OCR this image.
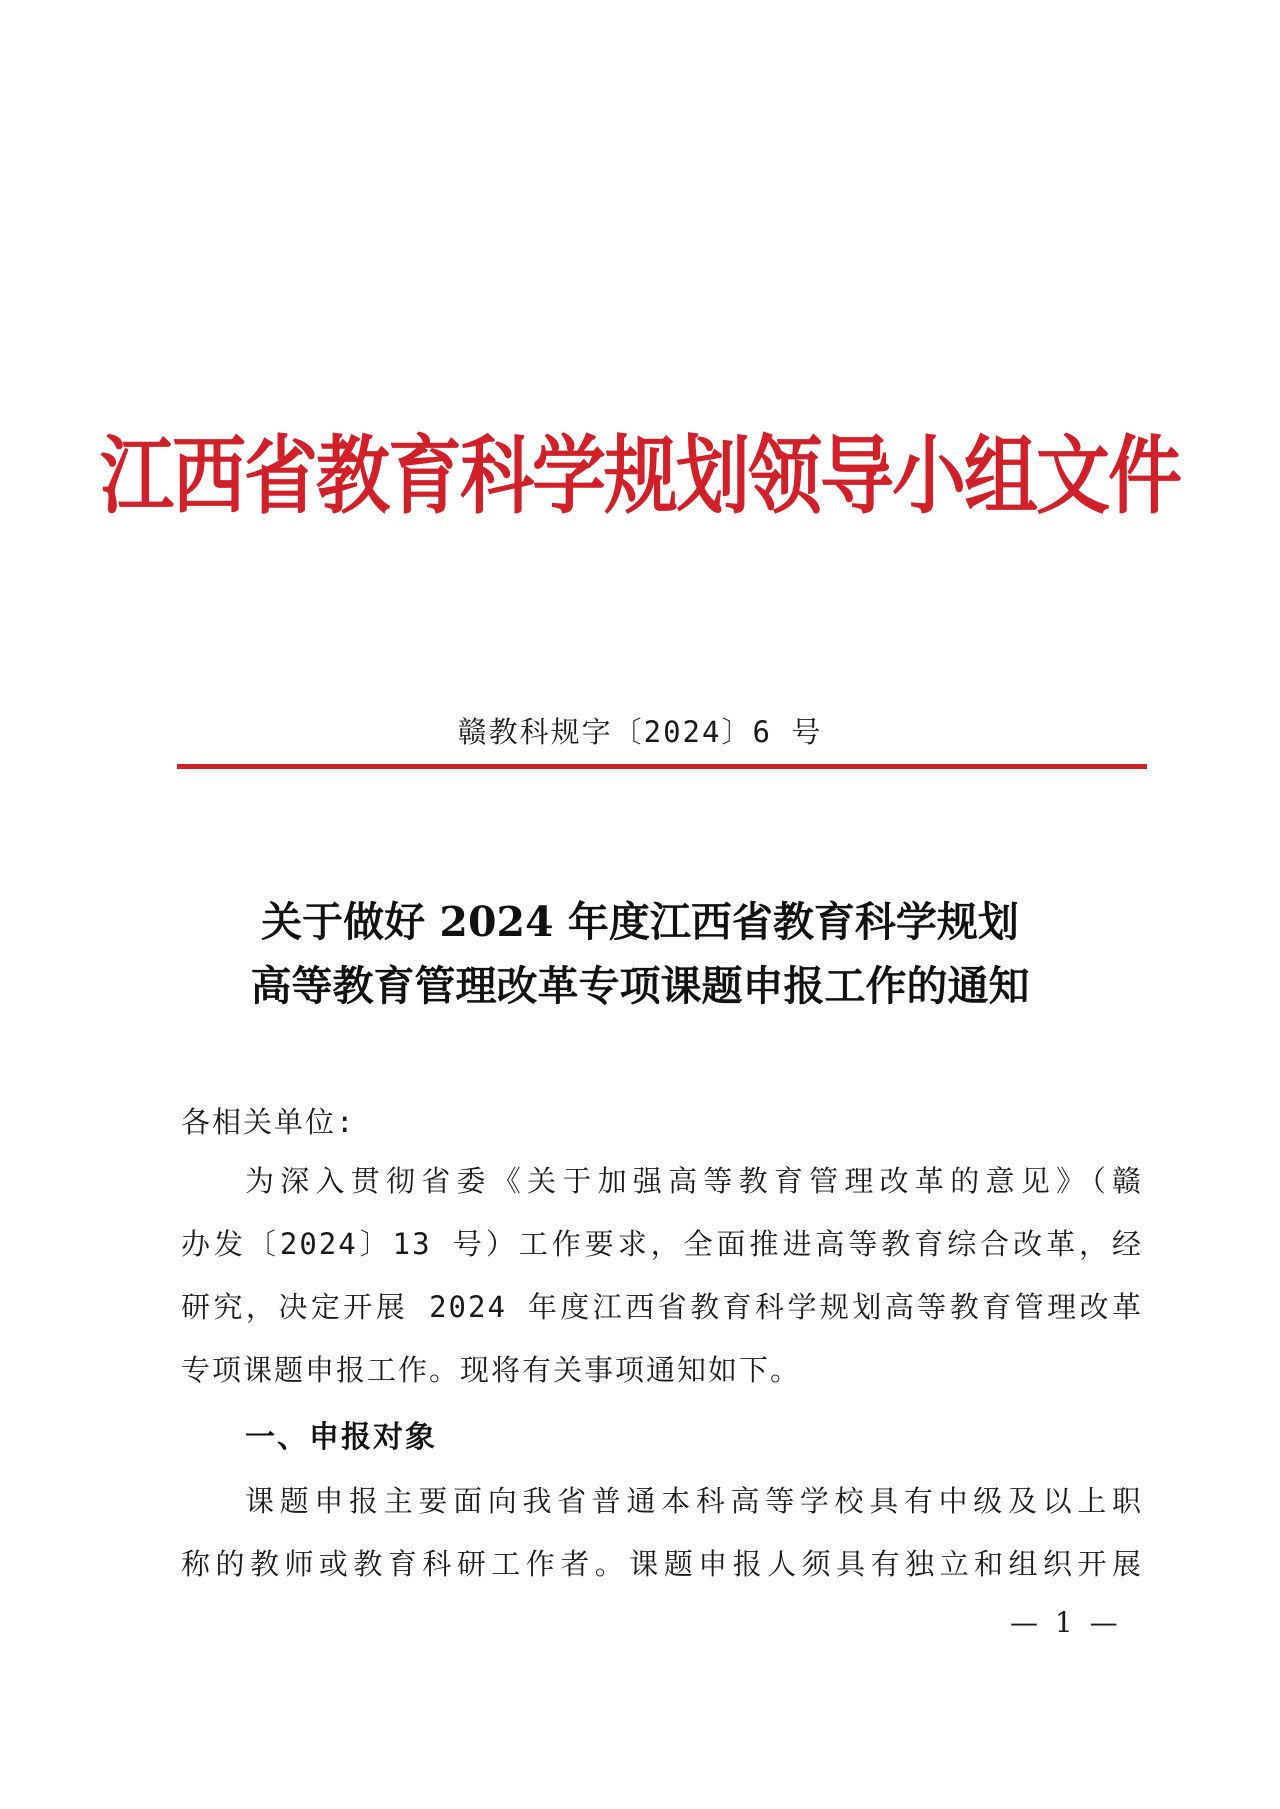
江西省教育科学规划领导小组文件
赣教科规字〔2024〕6 号
关于做好 2024 年度江西省教育科学规划
高等教育管理改革专项课题申报工作的通知
各相关单位:
为深入贯彻省委《关于加强高等教育管理改革的意见》（赣
办发〔2024〕13 号）工作要求，全面推进高等教育综合改革，经
研究，决定开展 2024 年度江西省教育科学规划高等教育管理改革
专项课题申报工作。现将有关事项通知如下。
一、申报对象
课题申报主要面向我省普通本科高等学校具有中级及以上职
称的教师或教育科研工作者。课题申报人须具有独立和组织开展
— 1 —
